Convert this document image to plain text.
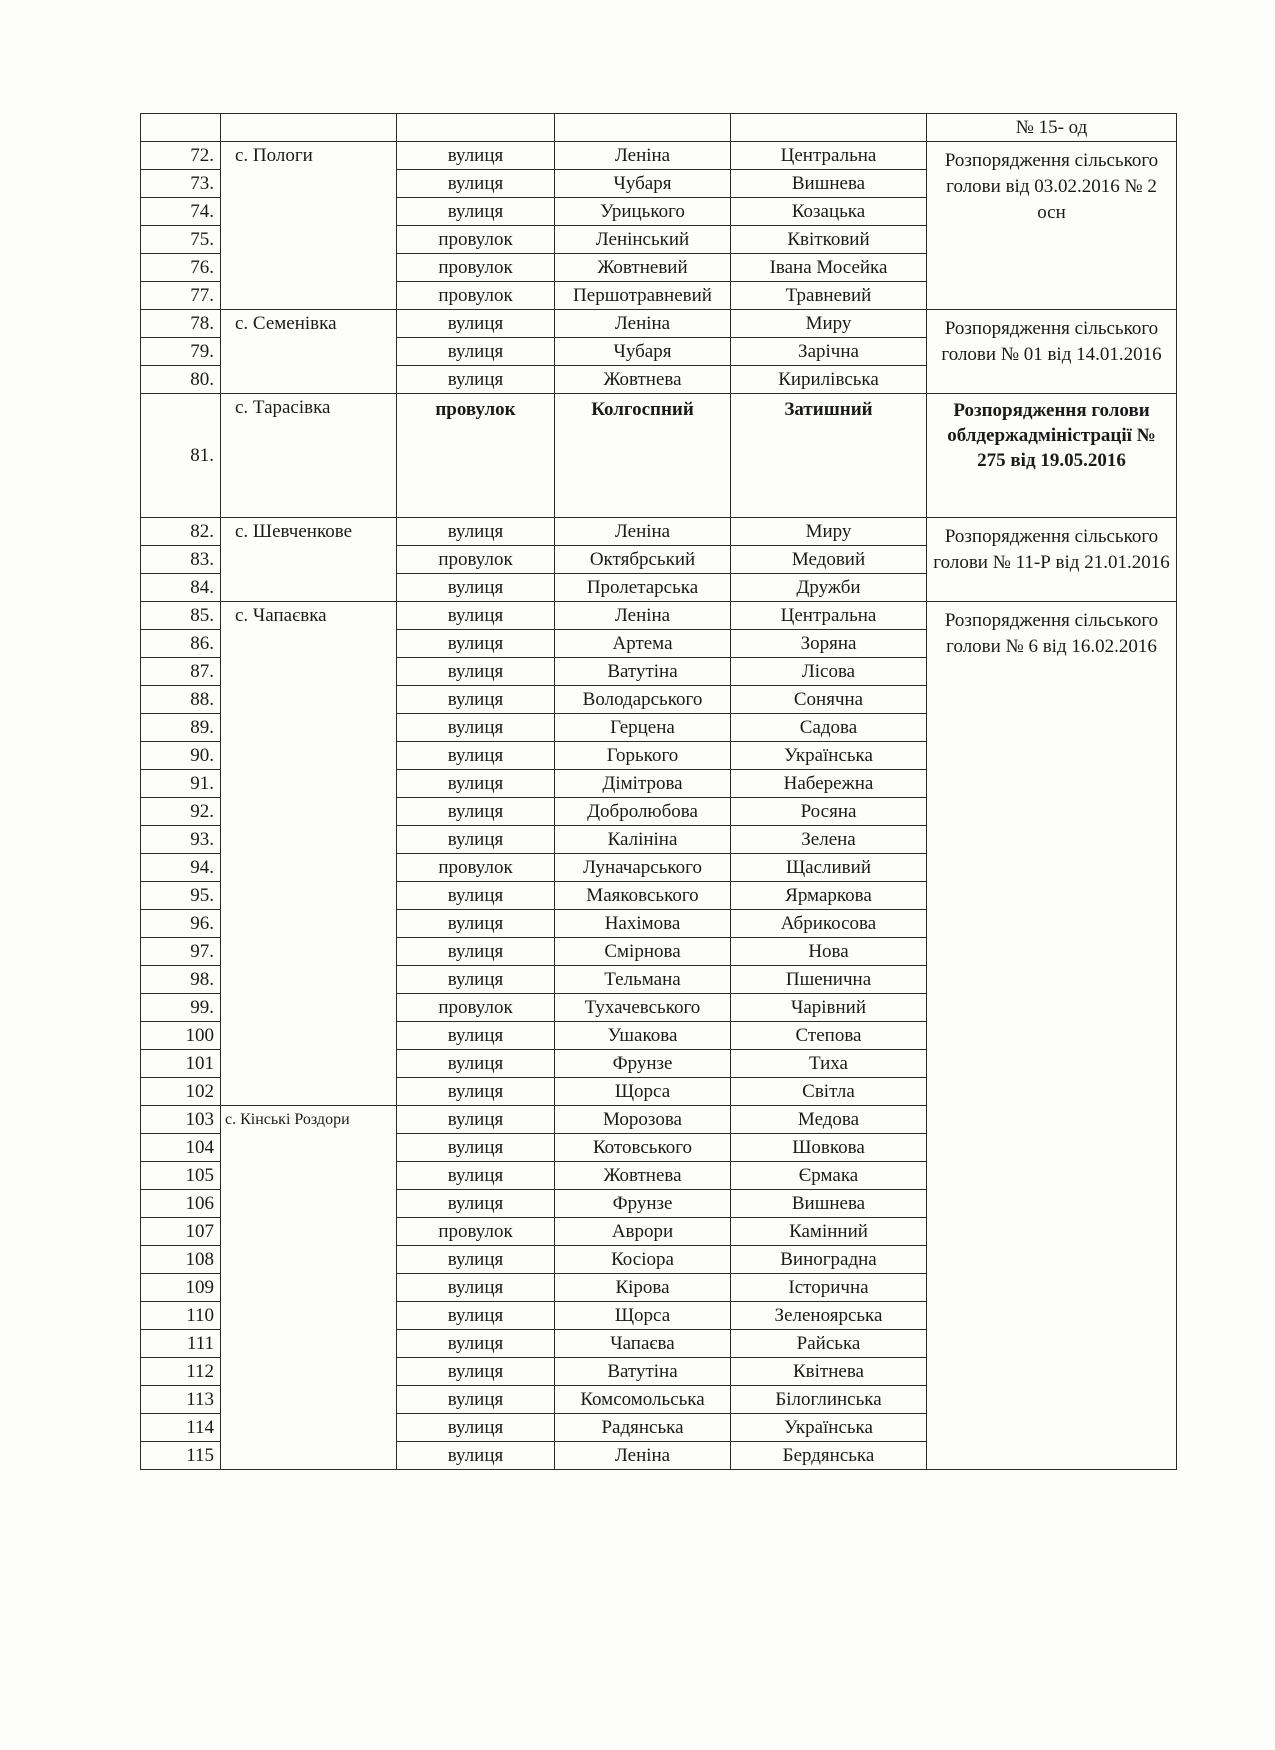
					№ 15- од
72.	с. Пологи	вулиця	Леніна	Центральна	Розпорядження сільського голови від 03.02.2016 № 2 осн
73.		вулиця	Чубаря	Вишнева	
74.		вулиця	Урицького	Козацька	
75.		провулок	Ленінський	Квітковий	
76.		провулок	Жовтневий	Івана Мосейка	
77.		провулок	Першотравневий	Травневий	
78.	с. Семенівка	вулиця	Леніна	Миру	Розпорядження сільського голови № 01 від 14.01.2016
79.		вулиця	Чубаря	Зарічна	
80.		вулиця	Жовтнева	Кирилівська	
81.	с. Тарасівка	провулок	Колгоспний	Затишний	Розпорядження голови облдержадміністрації № 275 від 19.05.2016
82.	с. Шевченкове	вулиця	Леніна	Миру	Розпорядження сільського голови № 11-Р від 21.01.2016
83.		провулок	Октябрський	Медовий	
84.		вулиця	Пролетарська	Дружби	
85.	с. Чапаєвка	вулиця	Леніна	Центральна	Розпорядження сільського голови № 6 від 16.02.2016
86.		вулиця	Артема	Зоряна	
87.		вулиця	Ватутіна	Лісова	
88.		вулиця	Володарського	Сонячна	
89.		вулиця	Герцена	Садова	
90.		вулиця	Горького	Українська	
91.		вулиця	Дімітрова	Набережна	
92.		вулиця	Добролюбова	Росяна	
93.		вулиця	Калініна	Зелена	
94.		провулок	Луначарського	Щасливий	
95.		вулиця	Маяковського	Ярмаркова	
96.		вулиця	Нахімова	Абрикосова	
97.		вулиця	Смірнова	Нова	
98.		вулиця	Тельмана	Пшенична	
99.		провулок	Тухачевського	Чарівний	
100		вулиця	Ушакова	Степова	
101		вулиця	Фрунзе	Тиха	
102		вулиця	Щорса	Світла	
103	с. Кінські Роздори	вулиця	Морозова	Медова	
104		вулиця	Котовського	Шовкова	
105		вулиця	Жовтнева	Єрмака	
106		вулиця	Фрунзе	Вишнева	
107		провулок	Аврори	Камінний	
108		вулиця	Косіора	Виноградна	
109		вулиця	Кірова	Історична	
110		вулиця	Щорса	Зеленоярська	
111		вулиця	Чапаєва	Райська	
112		вулиця	Ватутіна	Квітнева	
113		вулиця	Комсомольська	Білоглинська	
114		вулиця	Радянська	Українська	
115		вулиця	Леніна	Бердянська	
